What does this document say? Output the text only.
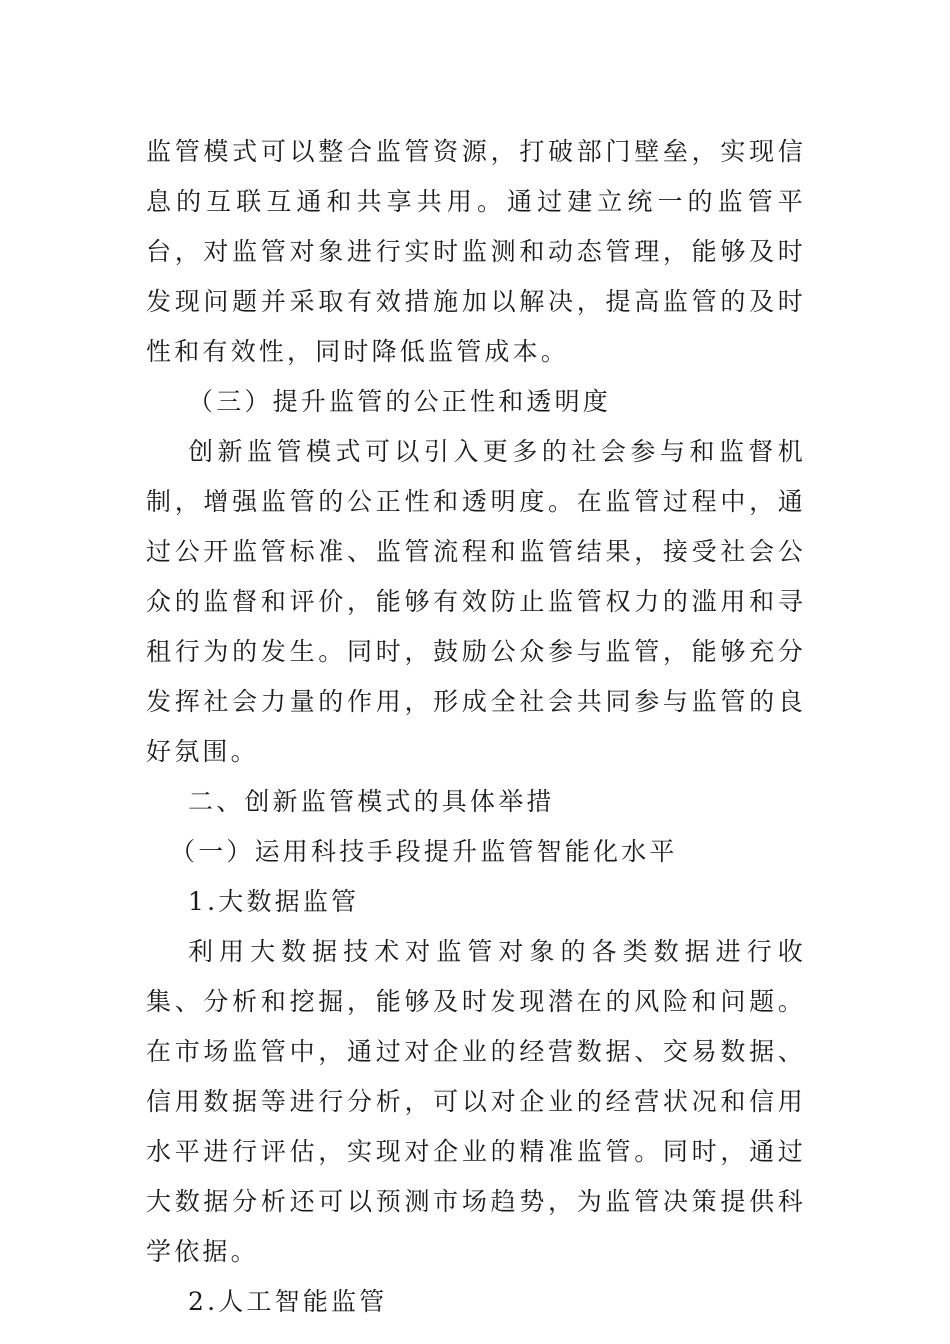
监管模式可以整合监管资源，打破部门壁垒，实现信息的互联互通和共享共用。通过建立统一的监管平台，对监管对象进行实时监测和动态管理，能够及时发现问题并采取有效措施加以解决，提高监管的及时性和有效性，同时降低监管成本。

（三）提升监管的公正性和透明度

创新监管模式可以引入更多的社会参与和监督机制，增强监管的公正性和透明度。在监管过程中，通过公开监管标准、监管流程和监管结果，接受社会公众的监督和评价，能够有效防止监管权力的滥用和寻租行为的发生。同时，鼓励公众参与监管，能够充分发挥社会力量的作用，形成全社会共同参与监管的良好氛围。

二、创新监管模式的具体举措

（一）运用科技手段提升监管智能化水平

1.大数据监管

利用大数据技术对监管对象的各类数据进行收集、分析和挖掘，能够及时发现潜在的风险和问题。在市场监管中，通过对企业的经营数据、交易数据、信用数据等进行分析，可以对企业的经营状况和信用水平进行评估，实现对企业的精准监管。同时，通过大数据分析还可以预测市场趋势，为监管决策提供科学依据。

2.人工智能监管
